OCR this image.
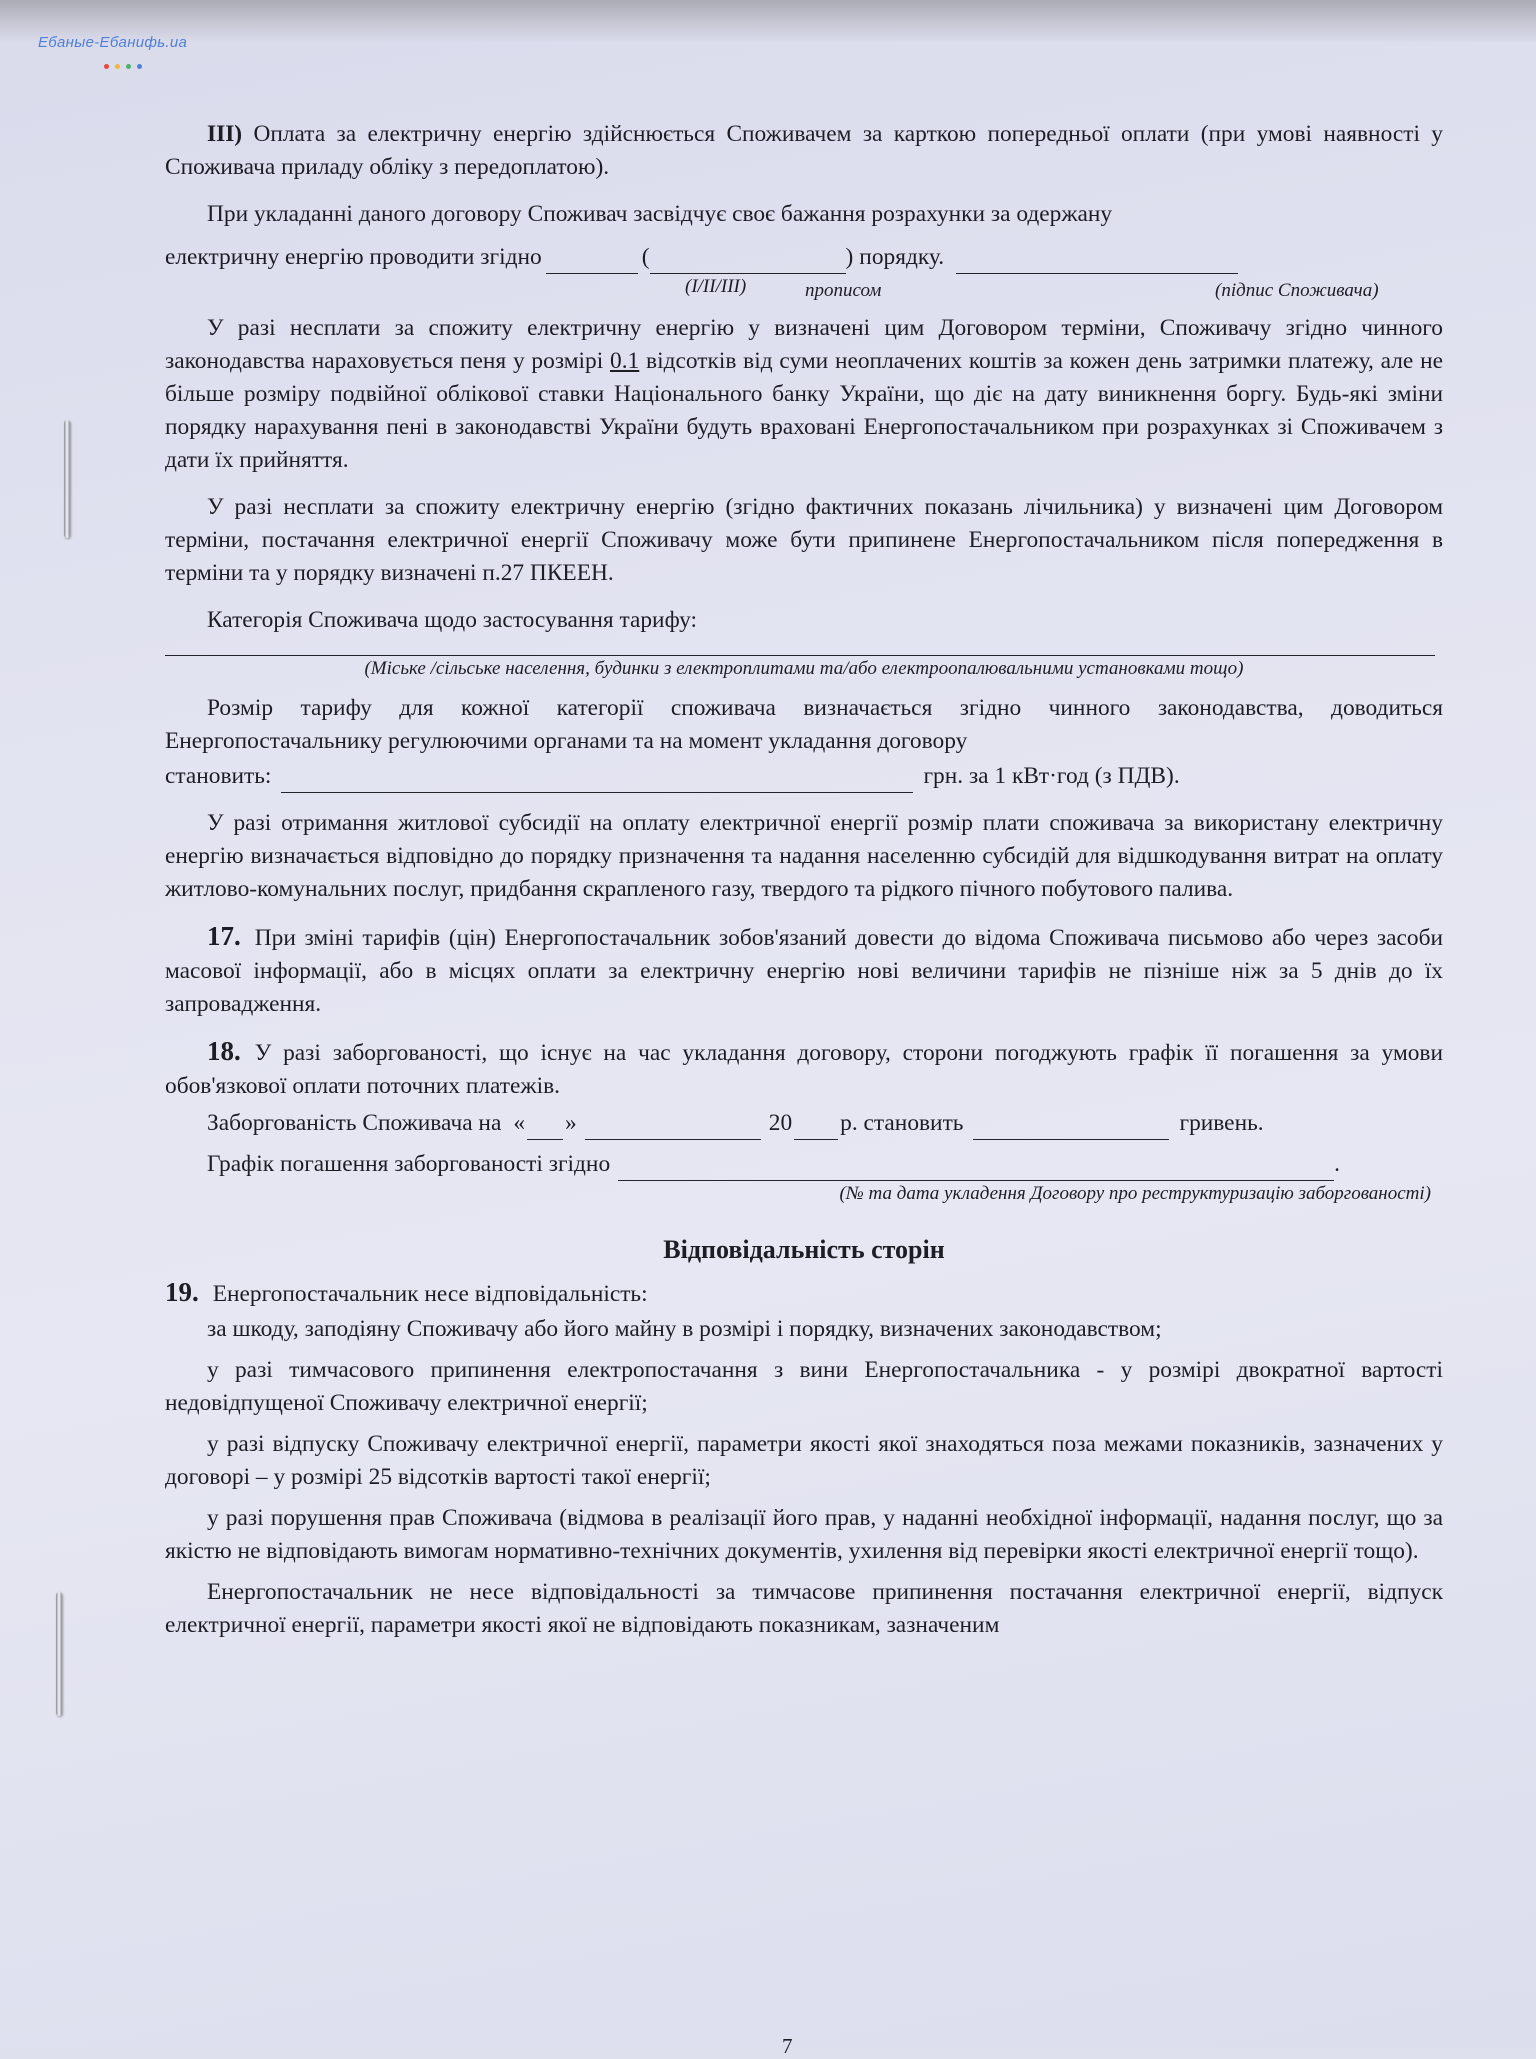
Ебаные-Ебанифь.ua

III) Оплата за електричну енергію здійснюється Споживачем за карткою попередньої оплати (при умові наявності у Споживача приладу обліку з передоплатою).

При укладанні даного договору Споживач засвідчує своє бажання розрахунки за одержану

електричну енергію проводити згідно	(	) порядку.
(I/II/III)	прописом	(підпис Споживача)

У разі несплати за спожиту електричну енергію у визначені цим Договором терміни, Споживачу згідно чинного законодавства нараховується пеня у розмірі 0.1 відсотків від суми неоплачених коштів за кожен день затримки платежу, але не більше розміру подвійної облікової ставки Національного банку України, що діє на дату виникнення боргу. Будь-які зміни порядку нарахування пені в законодавстві України будуть враховані Енергопостачальником при розрахунках зі Споживачем з дати їх прийняття.

У разі несплати за спожиту електричну енергію (згідно фактичних показань лічильника) у визначені цим Договором терміни, постачання електричної енергії Споживачу може бути припинене Енергопостачальником після попередження в терміни та у порядку визначені п.27 ПКЕЕН.

Категорія Споживача щодо застосування тарифу:

(Міське /сільське населення, будинки з електроплитами та/або електроопалювальними установками тощо)

Розмір тарифу для кожної категорії споживача визначається згідно чинного законодавства, доводиться Енергопостачальнику регулюючими органами та на момент укладання договору

становить:	грн. за 1 кВт·год (з ПДВ).

У разі отримання житлової субсидії на оплату електричної енергії розмір плати споживача за використану електричну енергію визначається відповідно до порядку призначення та надання населенню субсидій для відшкодування витрат на оплату житлово-комунальних послуг, придбання скрапленого газу, твердого та рідкого пічного побутового палива.

17. При зміні тарифів (цін) Енергопостачальник зобов'язаний довести до відома Споживача письмово або через засоби масової інформації, або в місцях оплати за електричну енергію нові величини тарифів не пізніше ніж за 5 днів до їх запровадження.

18. У разі заборгованості, що існує на час укладання договору, сторони погоджують графік її погашення за умови обов'язкової оплати поточних платежів.

Заборгованість Споживача на « »	20 р. становить	гривень.
Графік погашення заборгованості згідно	.
(№ та дата укладення Договору про реструктуризацію заборгованості)
Відповідальність сторін

19. Енергопостачальник несе відповідальність:

за шкоду, заподіяну Споживачу або його майну в розмірі і порядку, визначених законодавством;

у разі тимчасового припинення електропостачання з вини Енергопостачальника - у розмірі двократної вартості недовідпущеної Споживачу електричної енергії;

у разі відпуску Споживачу електричної енергії, параметри якості якої знаходяться поза межами показників, зазначених у договорі – у розмірі 25 відсотків вартості такої енергії;

у разі порушення прав Споживача (відмова в реалізації його прав, у наданні необхідної інформації, надання послуг, що за якістю не відповідають вимогам нормативно-технічних документів, ухилення від перевірки якості електричної енергії тощо).

Енергопостачальник не несе відповідальності за тимчасове припинення постачання електричної енергії, відпуск електричної енергії, параметри якості якої не відповідають показникам, зазначеним

7
